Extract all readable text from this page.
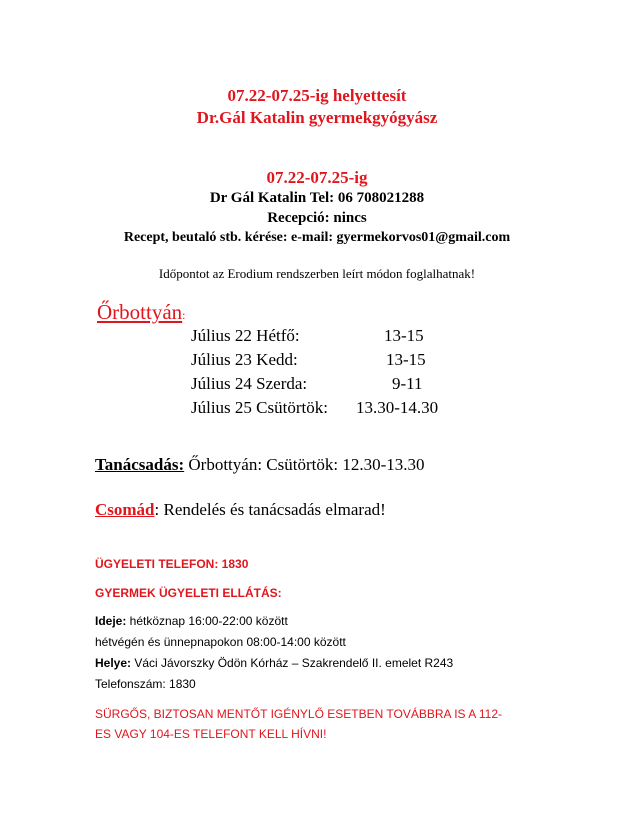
07.22-07.25-ig helyettesít
Dr.Gál Katalin gyermekgyógyász
07.22-07.25-ig
Dr Gál Katalin Tel: 06 708021288
Recepció: nincs
Recept, beutaló stb. kérése: e-mail: gyermekorvos01@gmail.com
Időpontot az Erodium rendszerben leírt módon foglalhatnak!
Őrbottyán:
Július 22 Hétfő:	13-15
Július 23 Kedd:	13-15
Július 24 Szerda:	9-11
Július 25 Csütörtök: 13.30-14.30
Tanácsadás: Őrbottyán: Csütörtök: 12.30-13.30
Csomád: Rendelés és tanácsadás elmarad!
ÜGYELETI TELEFON: 1830
GYERMEK ÜGYELETI ELLÁTÁS:
Ideje: hétköznap 16:00-22:00 között
hétvégén és ünnepnapokon 08:00-14:00 között
Helye: Váci Jávorszky Ödön Kórház – Szakrendelő II. emelet R243
Telefonszám: 1830
SÜRGŐS, BIZTOSAN MENTŐT IGÉNYLŐ ESETBEN TOVÁBBRA IS A 112-
ES VAGY 104-ES TELEFONT KELL HÍVNI!
